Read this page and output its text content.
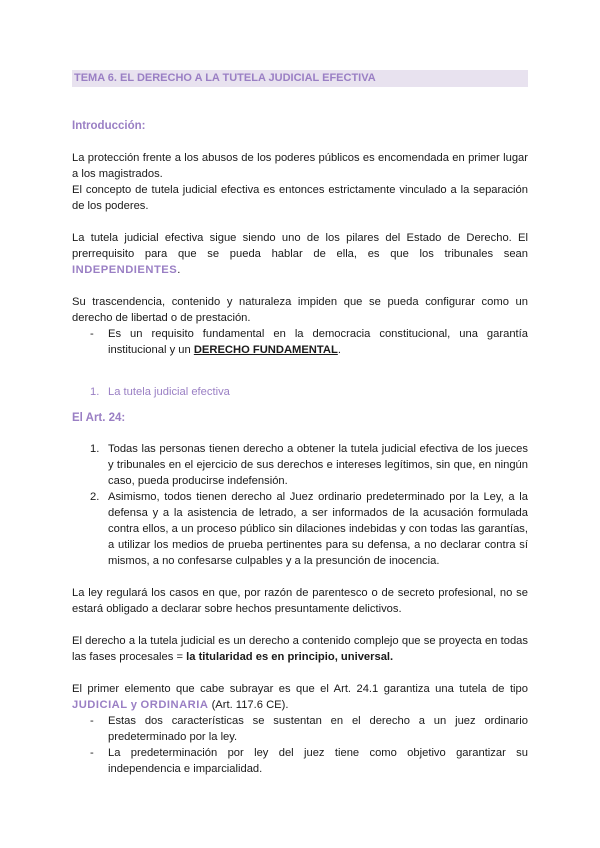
TEMA 6. EL DERECHO A LA TUTELA JUDICIAL EFECTIVA
Introducción:

La protección frente a los abusos de los poderes públicos es encomendada en primer lugar a los magistrados.

El concepto de tutela judicial efectiva es entonces estrictamente vinculado a la separación de los poderes.

La tutela judicial efectiva sigue siendo uno de los pilares del Estado de Derecho. El prerrequisito para que se pueda hablar de ella, es que los tribunales sean INDEPENDIENTES.

Su trascendencia, contenido y naturaleza impiden que se pueda configurar como un derecho de libertad o de prestación.

- Es un requisito fundamental en la democracia constitucional, una garantía institucional y un DERECHO FUNDAMENTAL.
1. La tutela judicial efectiva
El Art. 24:
1. Todas las personas tienen derecho a obtener la tutela judicial efectiva de los jueces y tribunales en el ejercicio de sus derechos e intereses legítimos, sin que, en ningún caso, pueda producirse indefensión.
2. Asimismo, todos tienen derecho al Juez ordinario predeterminado por la Ley, a la defensa y a la asistencia de letrado, a ser informados de la acusación formulada contra ellos, a un proceso público sin dilaciones indebidas y con todas las garantías, a utilizar los medios de prueba pertinentes para su defensa, a no declarar contra sí mismos, a no confesarse culpables y a la presunción de inocencia.

La ley regulará los casos en que, por razón de parentesco o de secreto profesional, no se estará obligado a declarar sobre hechos presuntamente delictivos.

El derecho a la tutela judicial es un derecho a contenido complejo que se proyecta en todas las fases procesales = la titularidad es en principio, universal.

El primer elemento que cabe subrayar es que el Art. 24.1 garantiza una tutela de tipo JUDICIAL y ORDINARIA (Art. 117.6 CE).

- Estas dos características se sustentan en el derecho a un juez ordinario predeterminado por la ley.
- La predeterminación por ley del juez tiene como objetivo garantizar su independencia e imparcialidad.
